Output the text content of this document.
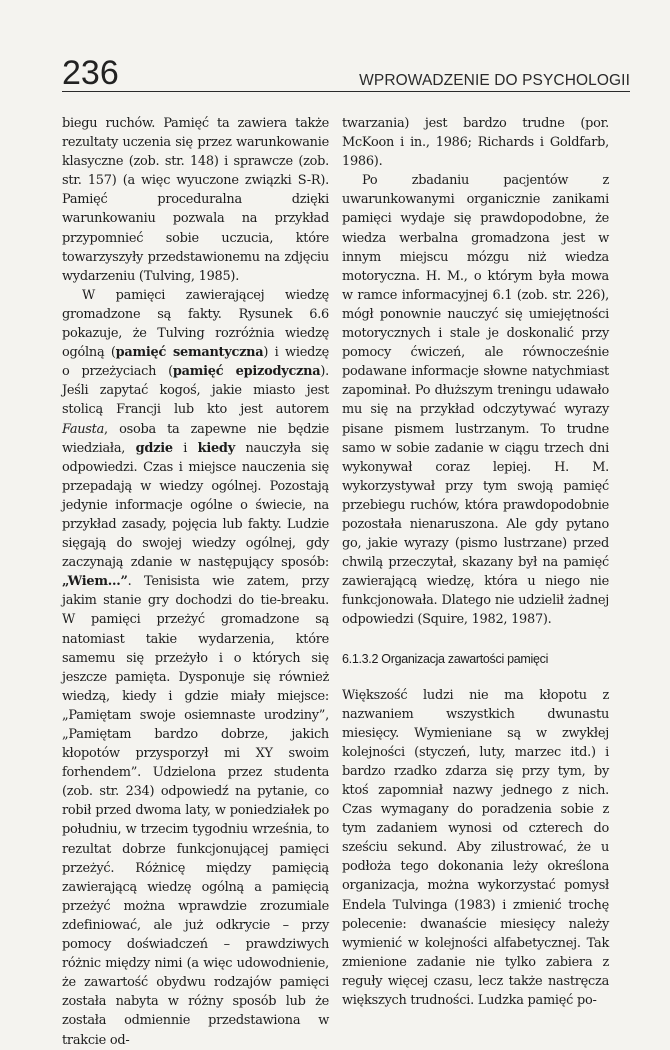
236	WPROWADZENIE DO PSYCHOLOGII

biegu ruchów. Pamięć ta zawiera także rezultaty uczenia się przez warunkowanie klasyczne (zob. str. 148) i sprawcze (zob. str. 157) (a więc wyuczone związki S-R). Pamięć proceduralna dzięki warunkowaniu pozwala na przykład przypomnieć sobie uczucia, które towarzyszyły przedstawionemu na zdjęciu wydarzeniu (Tulving, 1985).

W pamięci zawierającej wiedzę gromadzone są fakty. Rysunek 6.6 pokazuje, że Tulving rozróżnia wiedzę ogólną (pamięć semantyczna) i wiedzę o przeżyciach (pamięć epizodyczna). Jeśli zapytać kogoś, jakie miasto jest stolicą Francji lub kto jest autorem Fausta, osoba ta zapewne nie będzie wiedziała, gdzie i kiedy nauczyła się odpowiedzi. Czas i miejsce nauczenia się przepadają w wiedzy ogólnej. Pozostają jedynie informacje ogólne o świecie, na przykład zasady, pojęcia lub fakty. Ludzie sięgają do swojej wiedzy ogólnej, gdy zaczynają zdanie w następujący sposób: „Wiem...”. Tenisista wie zatem, przy jakim stanie gry dochodzi do tie-breaku. W pamięci przeżyć gromadzone są natomiast takie wydarzenia, które samemu się przeżyło i o których się jeszcze pamięta. Dysponuje się również wiedzą, kiedy i gdzie miały miejsce: „Pamiętam swoje osiemnaste urodziny”, „Pamiętam bardzo dobrze, jakich kłopotów przysporzył mi XY swoim forhendem”. Udzielona przez studenta (zob. str. 234) odpowiedź na pytanie, co robił przed dwoma laty, w poniedziałek po południu, w trzecim tygodniu września, to rezultat dobrze funkcjonującej pamięci przeżyć. Różnicę między pamięcią zawierającą wiedzę ogólną a pamięcią przeżyć można wprawdzie zrozumiale zdefiniować, ale już odkrycie – przy pomocy doświadczeń – prawdziwych różnic między nimi (a więc udowodnienie, że zawartość obydwu rodzajów pamięci została nabyta w różny sposób lub że została odmiennie przedstawiona w trakcie od-

twarzania) jest bardzo trudne (por. McKoon i in., 1986; Richards i Goldfarb, 1986).

Po zbadaniu pacjentów z uwarunkowanymi organicznie zanikami pamięci wydaje się prawdopodobne, że wiedza werbalna gromadzona jest w innym miejscu mózgu niż wiedza motoryczna. H. M., o którym była mowa w ramce informacyjnej 6.1 (zob. str. 226), mógł ponownie nauczyć się umiejętności motorycznych i stale je doskonalić przy pomocy ćwiczeń, ale równocześnie podawane informacje słowne natychmiast zapominał. Po dłuższym treningu udawało mu się na przykład odczytywać wyrazy pisane pismem lustrzanym. To trudne samo w sobie zadanie w ciągu trzech dni wykonywał coraz lepiej. H. M. wykorzystywał przy tym swoją pamięć przebiegu ruchów, która prawdopodobnie pozostała nienaruszona. Ale gdy pytano go, jakie wyrazy (pismo lustrzane) przed chwilą przeczytał, skazany był na pamięć zawierającą wiedzę, która u niego nie funkcjonowała. Dlatego nie udzielił żadnej odpowiedzi (Squire, 1982, 1987).

6.1.3.2 Organizacja zawartości pamięci

Większość ludzi nie ma kłopotu z nazwaniem wszystkich dwunastu miesięcy. Wymieniane są w zwykłej kolejności (styczeń, luty, marzec itd.) i bardzo rzadko zdarza się przy tym, by ktoś zapomniał nazwy jednego z nich. Czas wymagany do poradzenia sobie z tym zadaniem wynosi od czterech do sześciu sekund. Aby zilustrować, że u podłoża tego dokonania leży określona organizacja, można wykorzystać pomysł Endela Tulvinga (1983) i zmienić trochę polecenie: dwanaście miesięcy należy wymienić w kolejności alfabetycznej. Tak zmienione zadanie nie tylko zabiera z reguły więcej czasu, lecz także nastręcza większych trudności. Ludzka pamięć po-
